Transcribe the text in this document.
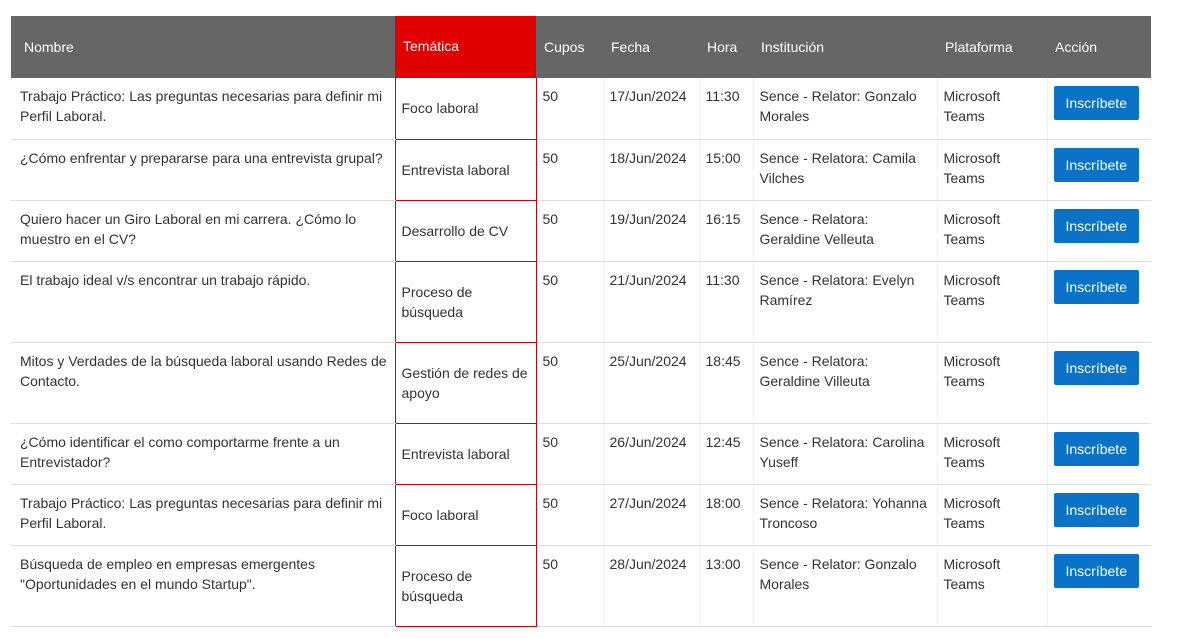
Nombre	Temática	Cupos	Fecha	Hora	Institución	Plataforma	Acción
Trabajo Práctico: Las preguntas necesarias para definir mi Perfil Laboral.	Foco laboral	50	17/Jun/2024	11:30	Sence - Relator: Gonzalo Morales	Microsoft Teams	Inscríbete
¿Cómo enfrentar y prepararse para una entrevista grupal?	Entrevista laboral	50	18/Jun/2024	15:00	Sence - Relatora: Camila Vilches	Microsoft Teams	Inscríbete
Quiero hacer un Giro Laboral en mi carrera. ¿Cómo lo muestro en el CV?	Desarrollo de CV	50	19/Jun/2024	16:15	Sence - Relatora: Geraldine Velleuta	Microsoft Teams	Inscríbete
El trabajo ideal v/s encontrar un trabajo rápido.	Proceso de búsqueda	50	21/Jun/2024	11:30	Sence - Relatora: Evelyn Ramírez	Microsoft Teams	Inscríbete
Mitos y Verdades de la búsqueda laboral usando Redes de Contacto.	Gestión de redes de apoyo	50	25/Jun/2024	18:45	Sence - Relatora: Geraldine Villeuta	Microsoft Teams	Inscríbete
¿Cómo identificar el como comportarme frente a un Entrevistador?	Entrevista laboral	50	26/Jun/2024	12:45	Sence - Relatora: Carolina Yuseff	Microsoft Teams	Inscríbete
Trabajo Práctico: Las preguntas necesarias para definir mi Perfil Laboral.	Foco laboral	50	27/Jun/2024	18:00	Sence - Relatora: Yohanna Troncoso	Microsoft Teams	Inscríbete
Búsqueda de empleo en empresas emergentes "Oportunidades en el mundo Startup".	Proceso de búsqueda	50	28/Jun/2024	13:00	Sence - Relator: Gonzalo Morales	Microsoft Teams	Inscríbete
